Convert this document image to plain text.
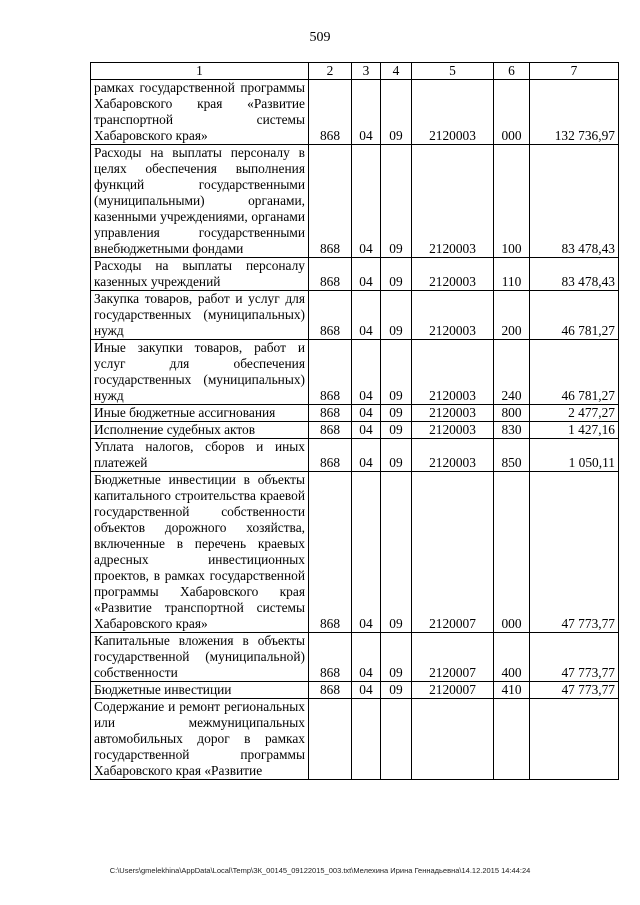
509
1	2	3	4	5	6	7
рамках государственной программы Хабаровского края «Развитие транспортной системы Хабаровского края»	868	04	09	2120003	000	132 736,97
Расходы на выплаты персоналу в целях обеспечения выполнения функций государственными (муниципальными) органами, казенными учреждениями, органами управления государственными внебюджетными фондами	868	04	09	2120003	100	83 478,43
Расходы на выплаты персоналу казенных учреждений	868	04	09	2120003	110	83 478,43
Закупка товаров, работ и услуг для государственных (муниципальных) нужд	868	04	09	2120003	200	46 781,27
Иные закупки товаров, работ и услуг для обеспечения государственных (муниципальных) нужд	868	04	09	2120003	240	46 781,27
Иные бюджетные ассигнования	868	04	09	2120003	800	2 477,27
Исполнение судебных актов	868	04	09	2120003	830	1 427,16
Уплата налогов, сборов и иных платежей	868	04	09	2120003	850	1 050,11
Бюджетные инвестиции в объекты капитального строительства краевой государственной собственности объектов дорожного хозяйства, включенные в перечень краевых адресных инвестиционных проектов, в рамках государственной программы Хабаровского края «Развитие транспортной системы Хабаровского края»	868	04	09	2120007	000	47 773,77
Капитальные вложения в объекты государственной (муниципальной) собственности	868	04	09	2120007	400	47 773,77
Бюджетные инвестиции	868	04	09	2120007	410	47 773,77
Содержание и ремонт региональных или межмуниципальных автомобильных дорог в рамках государственной программы Хабаровского края «Развитие						
C:\Users\gmelekhina\AppData\Local\Temp\ЗК_00145_09122015_003.txt\Мелехина Ирина Геннадьевна\14.12.2015 14:44:24
